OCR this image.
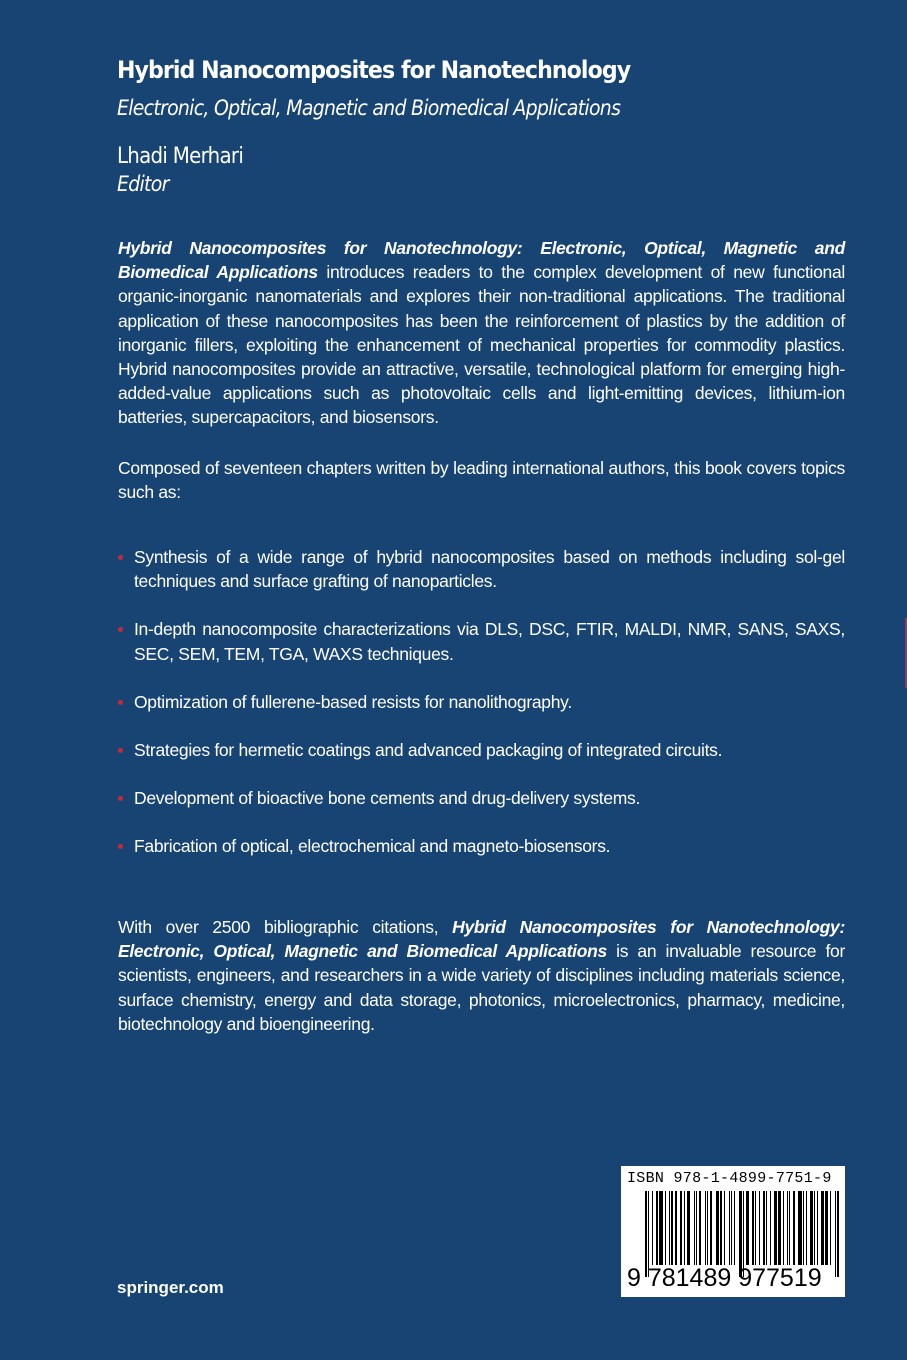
Hybrid Nanocomposites for Nanotechnology
Electronic, Optical, Magnetic and Biomedical Applications
Lhadi Merhari
Editor

Hybrid Nanocomposites for Nanotechnology: Electronic, Optical, Magnetic and Biomedical Applications introduces readers to the complex development of new functional organic-inorganic nanomaterials and explores their non-traditional applications. The traditional application of these nanocomposites has been the reinforcement of plastics by the addition of inorganic fillers, exploiting the enhancement of mechanical properties for commodity plastics. Hybrid nanocomposites provide an attractive, versatile, technological platform for emerging high-added-value applications such as photovoltaic cells and light-emitting devices, lithium-ion batteries, supercapacitors, and biosensors.

Composed of seventeen chapters written by leading international authors, this book covers topics such as:

Synthesis of a wide range of hybrid nanocomposites based on methods including sol-gel techniques and surface grafting of nanoparticles.
In-depth nanocomposite characterizations via DLS, DSC, FTIR, MALDI, NMR, SANS, SAXS, SEC, SEM, TEM, TGA, WAXS techniques.
Optimization of fullerene-based resists for nanolithography.
Strategies for hermetic coatings and advanced packaging of integrated circuits.
Development of bioactive bone cements and drug-delivery systems.
Fabrication of optical, electrochemical and magneto-biosensors.

With over 2500 bibliographic citations, Hybrid Nanocomposites for Nanotechnology: Electronic, Optical, Magnetic and Biomedical Applications is an invaluable resource for scientists, engineers, and researchers in a wide variety of disciplines including materials science, surface chemistry, energy and data storage, photonics, microelectronics, pharmacy, medicine, biotechnology and bioengineering.

springer.com
ISBN 978-1-4899-7751-9
9 781489 977519
